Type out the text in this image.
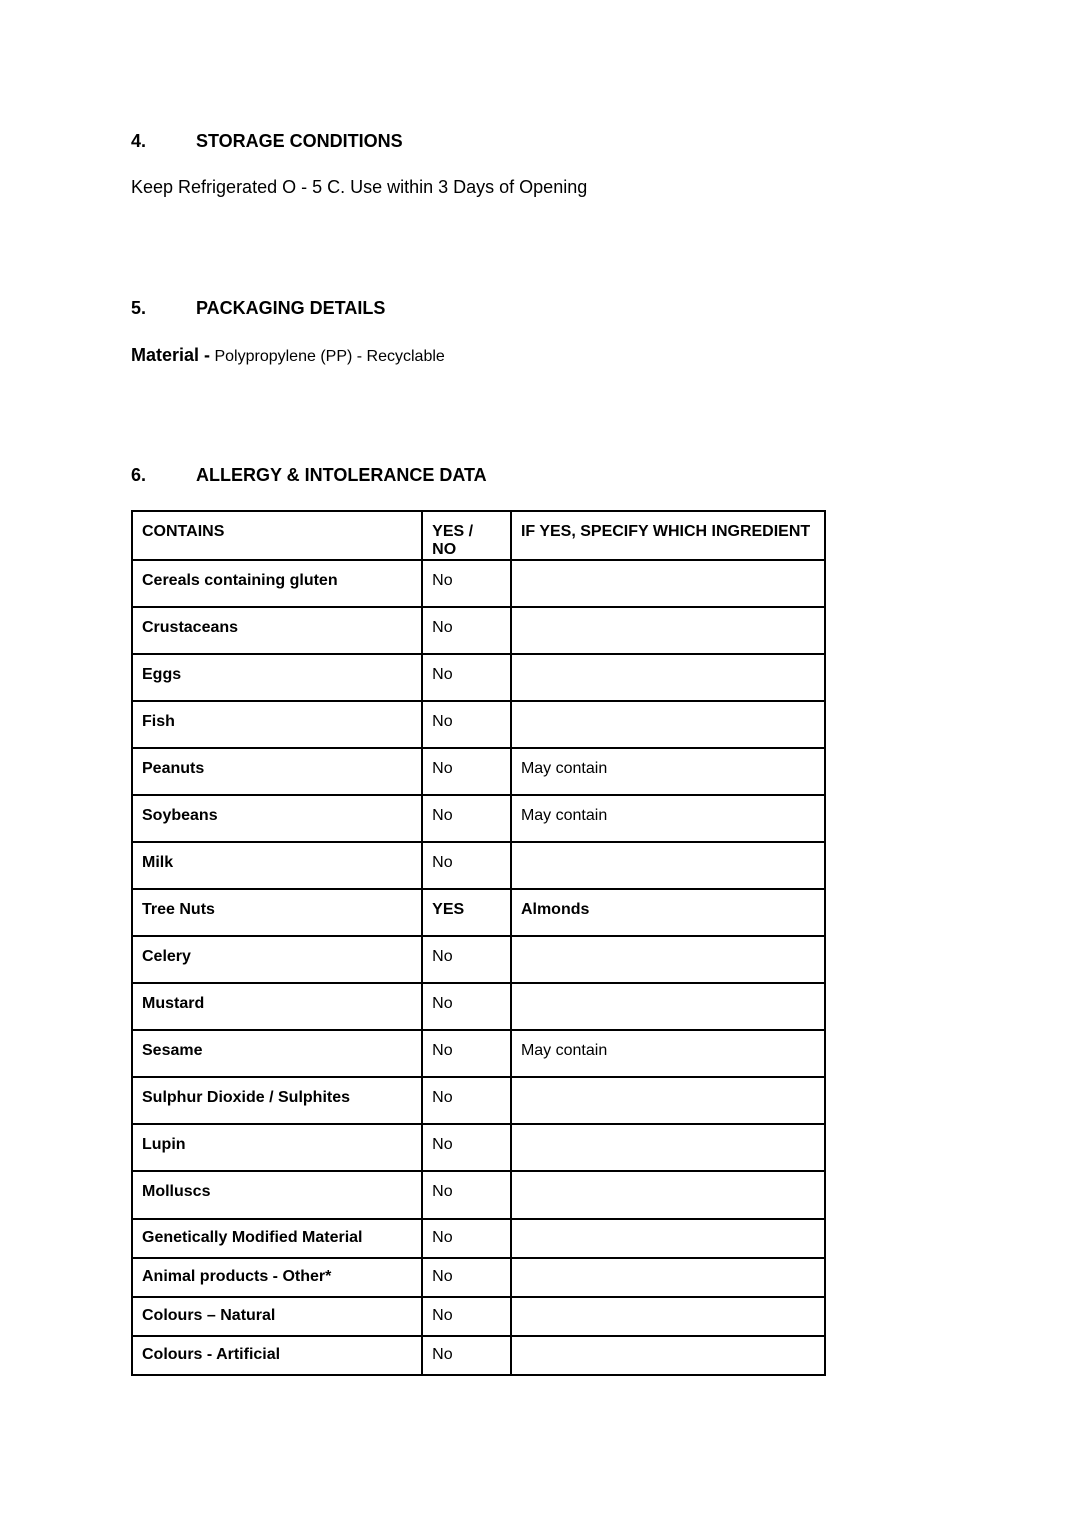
4.	STORAGE CONDITIONS

Keep Refrigerated O - 5 C. Use within 3 Days of Opening

5.	PACKAGING DETAILS

Material - Polypropylene (PP) - Recyclable

6.	ALLERGY & INTOLERANCE DATA
CONTAINS	YES / NO	IF YES, SPECIFY WHICH INGREDIENT
Cereals containing gluten	No	
Crustaceans	No	
Eggs	No	
Fish	No	
Peanuts	No	May contain
Soybeans	No	May contain
Milk	No	
Tree Nuts	YES	Almonds
Celery	No	
Mustard	No	
Sesame	No	May contain
Sulphur Dioxide / Sulphites	No	
Lupin	No	
Molluscs	No	
Genetically Modified Material	No	
Animal products - Other*	No	
Colours – Natural	No	
Colours - Artificial	No	
